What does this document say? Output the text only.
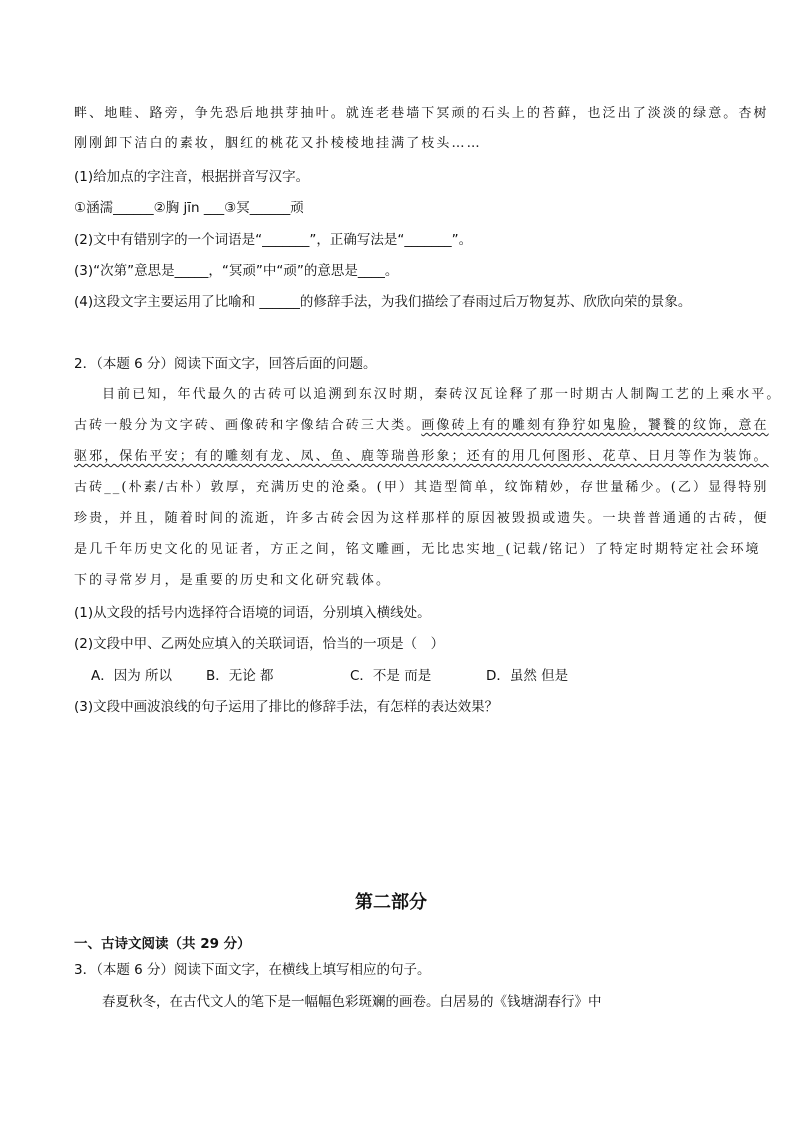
畔、地畦、路旁，争先恐后地拱芽抽叶。就连老巷墙下冥顽的石头上的苔藓，也泛出了淡淡的绿意。杏树
刚刚卸下洁白的素妆，胭红的桃花又扑棱棱地挂满了枝头……
(1)给加点的字注音，根据拼音写汉字。
①涵濡______②胸 jīn ___③冥______顽
(2)文中有错别字的一个词语是“_______”，正确写法是“_______”。
(3)“次第”意思是_____，“冥顽”中“顽”的意思是____。
(4)这段文字主要运用了比喻和 ______的修辞手法，为我们描绘了春雨过后万物复苏、欣欣向荣的景象。
2．（本题 6 分）阅读下面文字，回答后面的问题。
目前已知，年代最久的古砖可以追溯到东汉时期，秦砖汉瓦诠释了那一时期古人制陶工艺的上乘水平。
古砖一般分为文字砖、画像砖和字像结合砖三大类。画像砖上有的雕刻有狰狞如鬼脸，饕餮的纹饰，意在
驱邪，保佑平安；有的雕刻有龙、凤、鱼、鹿等瑞兽形象；还有的用几何图形、花草、日月等作为装饰。
古砖__(朴素/古朴）敦厚，充满历史的沧桑。(甲）其造型简单，纹饰精妙，存世量稀少。(乙）显得特别
珍贵，并且，随着时间的流逝，许多古砖会因为这样那样的原因被毁损或遗失。一块普普通通的古砖，便
是几千年历史文化的见证者，方正之间，铭文雕画，无比忠实地_(记载/铭记）了特定时期特定社会环境
下的寻常岁月，是重要的历史和文化研究载体。
(1)从文段的括号内选择符合语境的词语，分别填入横线处。
(2)文段中甲、乙两处应填入的关联词语，恰当的一项是（　）
A．因为 所以	B．无论 都	C．不是 而是	D．虽然 但是
(3)文段中画波浪线的句子运用了排比的修辞手法，有怎样的表达效果？
第二部分
一、古诗文阅读（共 29 分）
3．（本题 6 分）阅读下面文字，在横线上填写相应的句子。
春夏秋冬，在古代文人的笔下是一幅幅色彩斑斓的画卷。白居易的《钱塘湖春行》中
